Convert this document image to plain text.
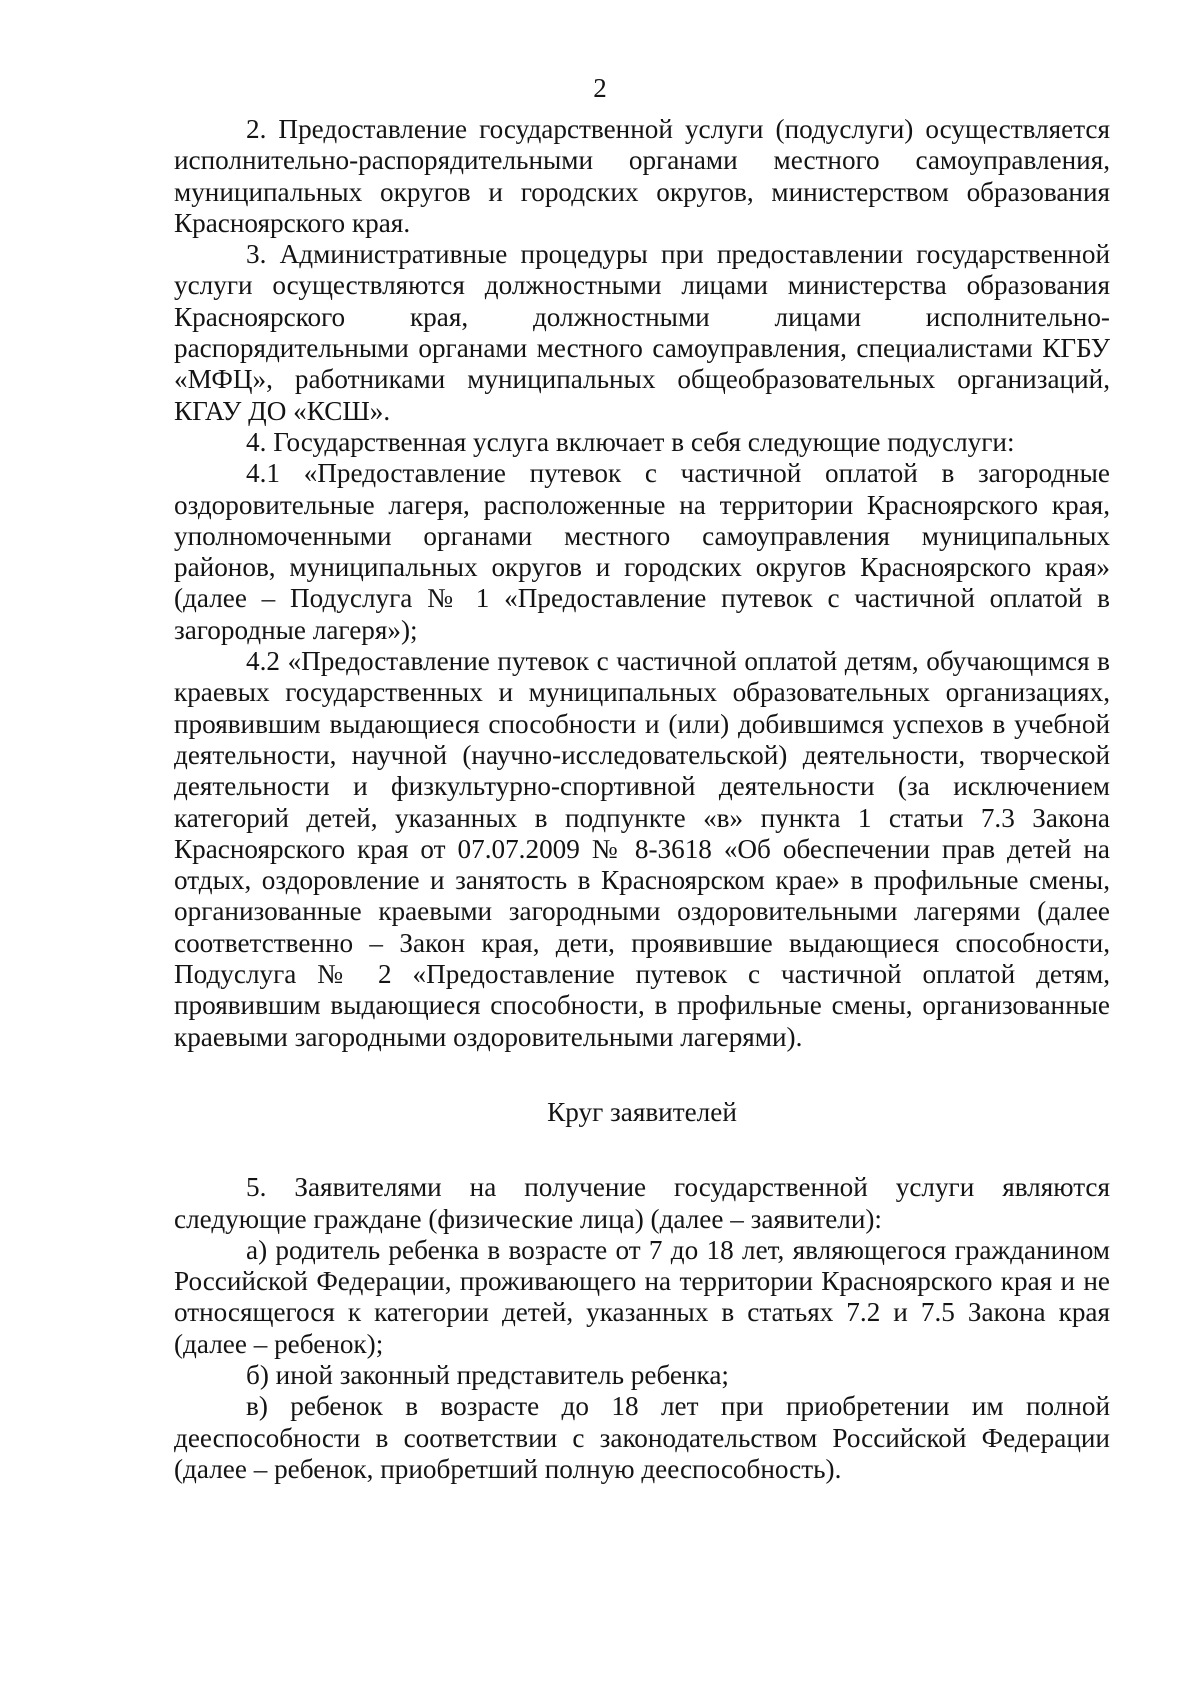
2

2. Предоставление государственной услуги (подуслуги) осуществляется исполнительно-распорядительными органами местного самоуправления, муниципальных округов и городских округов, министерством образования Красноярского края.

3. Административные процедуры при предоставлении государственной услуги осуществляются должностными лицами министерства образования Красноярского края, должностными лицами исполнительно-распорядительными органами местного самоуправления, специалистами КГБУ «МФЦ», работниками муниципальных общеобразовательных организаций, КГАУ ДО «КСШ».

4. Государственная услуга включает в себя следующие подуслуги:

4.1 «Предоставление путевок с частичной оплатой в загородные оздоровительные лагеря, расположенные на территории Красноярского края, уполномоченными органами местного самоуправления муниципальных районов, муниципальных округов и городских округов Красноярского края» (далее – Подуслуга № 1 «Предоставление путевок с частичной оплатой в загородные лагеря»);

4.2 «Предоставление путевок с частичной оплатой детям, обучающимся в краевых государственных и муниципальных образовательных организациях, проявившим выдающиеся способности и (или) добившимся успехов в учебной деятельности, научной (научно-исследовательской) деятельности, творческой деятельности и физкультурно-спортивной деятельности (за исключением категорий детей, указанных в подпункте «в» пункта 1 статьи 7.3 Закона Красноярского края от 07.07.2009 № 8-3618 «Об обеспечении прав детей на отдых, оздоровление и занятость в Красноярском крае» в профильные смены, организованные краевыми загородными оздоровительными лагерями (далее соответственно – Закон края, дети, проявившие выдающиеся способности, Подуслуга № 2 «Предоставление путевок с частичной оплатой детям, проявившим выдающиеся способности, в профильные смены, организованные краевыми загородными оздоровительными лагерями).

Круг заявителей

5. Заявителями на получение государственной услуги являются следующие граждане (физические лица) (далее – заявители):

а) родитель ребенка в возрасте от 7 до 18 лет, являющегося гражданином Российской Федерации, проживающего на территории Красноярского края и не относящегося к категории детей, указанных в статьях 7.2 и 7.5 Закона края (далее – ребенок);

б) иной законный представитель ребенка;

в) ребенок в возрасте до 18 лет при приобретении им полной дееспособности в соответствии с законодательством Российской Федерации (далее – ребенок, приобретший полную дееспособность).
